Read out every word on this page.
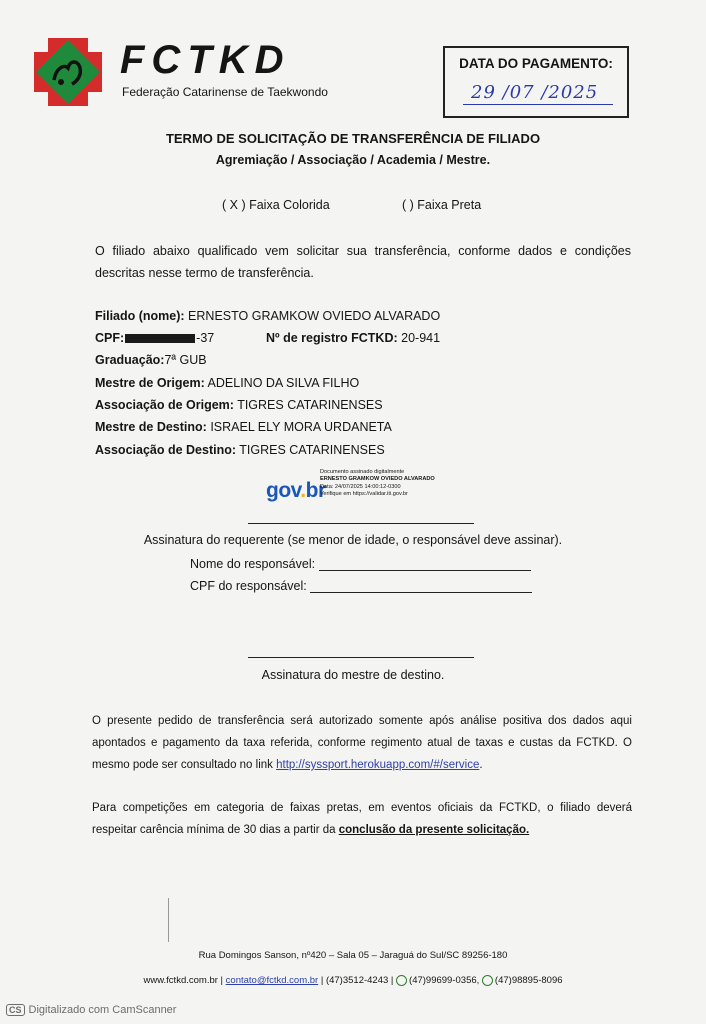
FCTKD
Federação Catarinense de Taekwondo
DATA DO PAGAMENTO:
29 /07 /2025
TERMO DE SOLICITAÇÃO DE TRANSFERÊNCIA DE FILIADO
Agremiação / Associação / Academia / Mestre.
( X ) Faixa Colorida	( ) Faixa Preta
O filiado abaixo qualificado vem solicitar sua transferência, conforme dados e condições descritas nesse termo de transferência.
Filiado (nome): ERNESTO GRAMKOW OVIEDO ALVARADO
CPF:	-37	Nº de registro FCTKD: 20-941
Graduação:7ª GUB
Mestre de Origem: ADELINO DA SILVA FILHO
Associação de Origem: TIGRES CATARINENSES
Mestre de Destino: ISRAEL ELY MORA URDANETA
Associação de Destino: TIGRES CATARINENSES
gov.br
Documento assinado digitalmente
ERNESTO GRAMKOW OVIEDO ALVARADO
Data: 24/07/2025 14:00:12-0300
Verifique em https://validar.iti.gov.br
Assinatura do requerente (se menor de idade, o responsável deve assinar).
Nome do responsável:
CPF do responsável:
Assinatura do mestre de destino.
O presente pedido de transferência será autorizado somente após análise positiva dos dados aqui apontados e pagamento da taxa referida, conforme regimento atual de taxas e custas da FCTKD. O mesmo pode ser consultado no link http://syssport.herokuapp.com/#/service.
Para competições em categoria de faixas pretas, em eventos oficiais da FCTKD, o filiado deverá respeitar carência mínima de 30 dias a partir da conclusão da presente solicitação.
Rua Domingos Sanson, nº420 – Sala 05 – Jaraguá do Sul/SC 89256-180
www.fctkd.com.br | contato@fctkd.com.br | (47)3512-4243 | (47)99699-0356, (47)98895-8096
CS Digitalizado com CamScanner
